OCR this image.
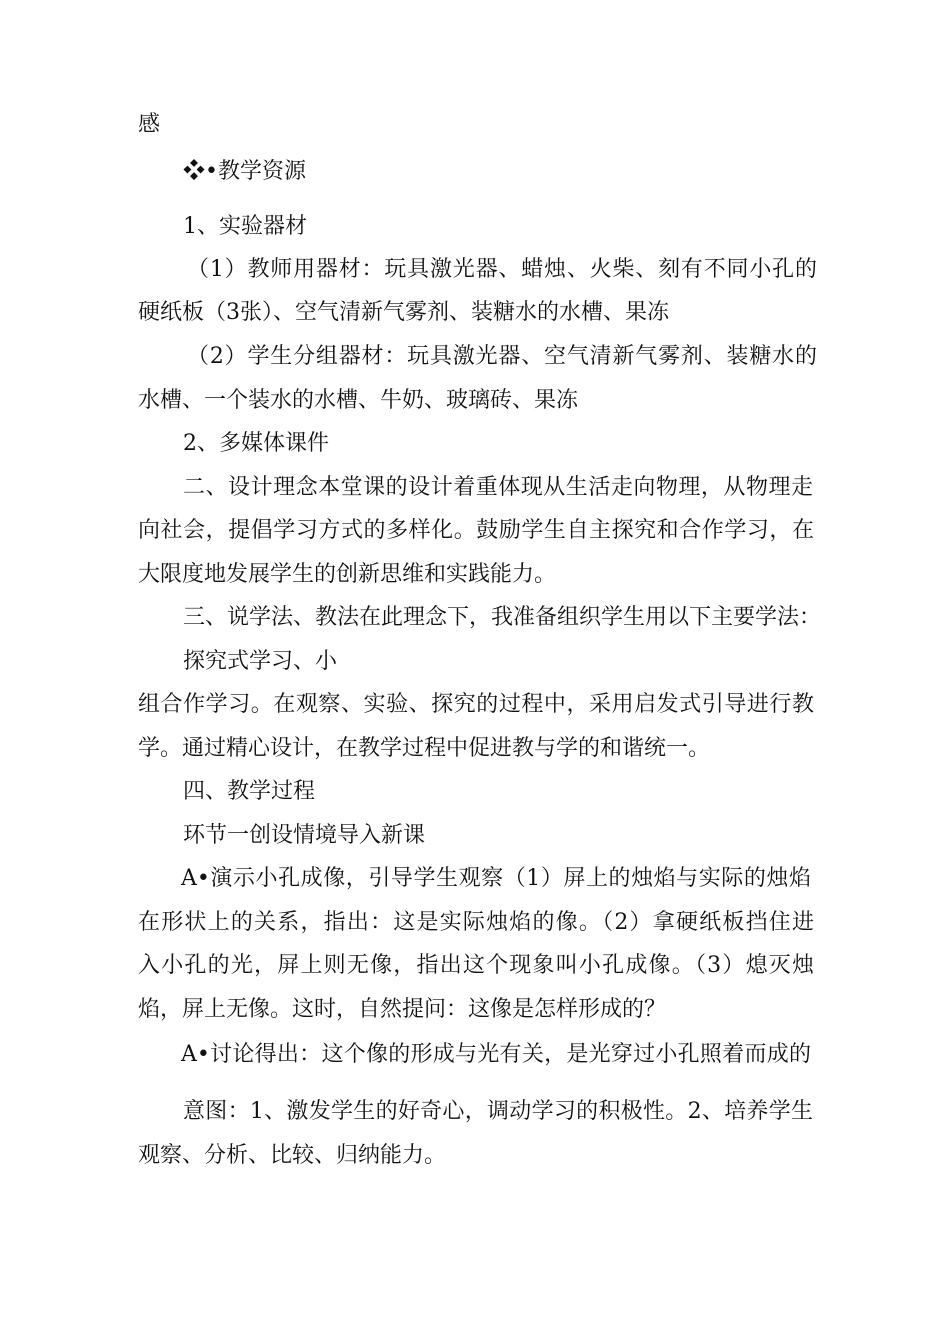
感
❖•教学资源
1、实验器材
（1）教师用器材：玩具激光器、蜡烛、火柴、刻有不同小孔的
硬纸板（3张）、空气清新气雾剂、装糖水的水槽、果冻
（2）学生分组器材：玩具激光器、空气清新气雾剂、装糖水的
水槽、一个装水的水槽、牛奶、玻璃砖、果冻
2、多媒体课件
二、设计理念本堂课的设计着重体现从生活走向物理，从物理走
向社会，提倡学习方式的多样化。鼓励学生自主探究和合作学习，在
大限度地发展学生的创新思维和实践能力。
三、说学法、教法在此理念下，我准备组织学生用以下主要学法：
探究式学习、小
组合作学习。在观察、实验、探究的过程中，采用启发式引导进行教
学。通过精心设计，在教学过程中促进教与学的和谐统一。
四、教学过程
环节一创设情境导入新课
A•演示小孔成像，引导学生观察（1）屏上的烛焰与实际的烛焰
在形状上的关系，指出：这是实际烛焰的像。（2）拿硬纸板挡住进
入小孔的光，屏上则无像，指出这个现象叫小孔成像。（3）熄灭烛
焰，屏上无像。这时，自然提问：这像是怎样形成的？
A•讨论得出：这个像的形成与光有关，是光穿过小孔照着而成的
意图：1、激发学生的好奇心，调动学习的积极性。2、培养学生
观察、分析、比较、归纳能力。
